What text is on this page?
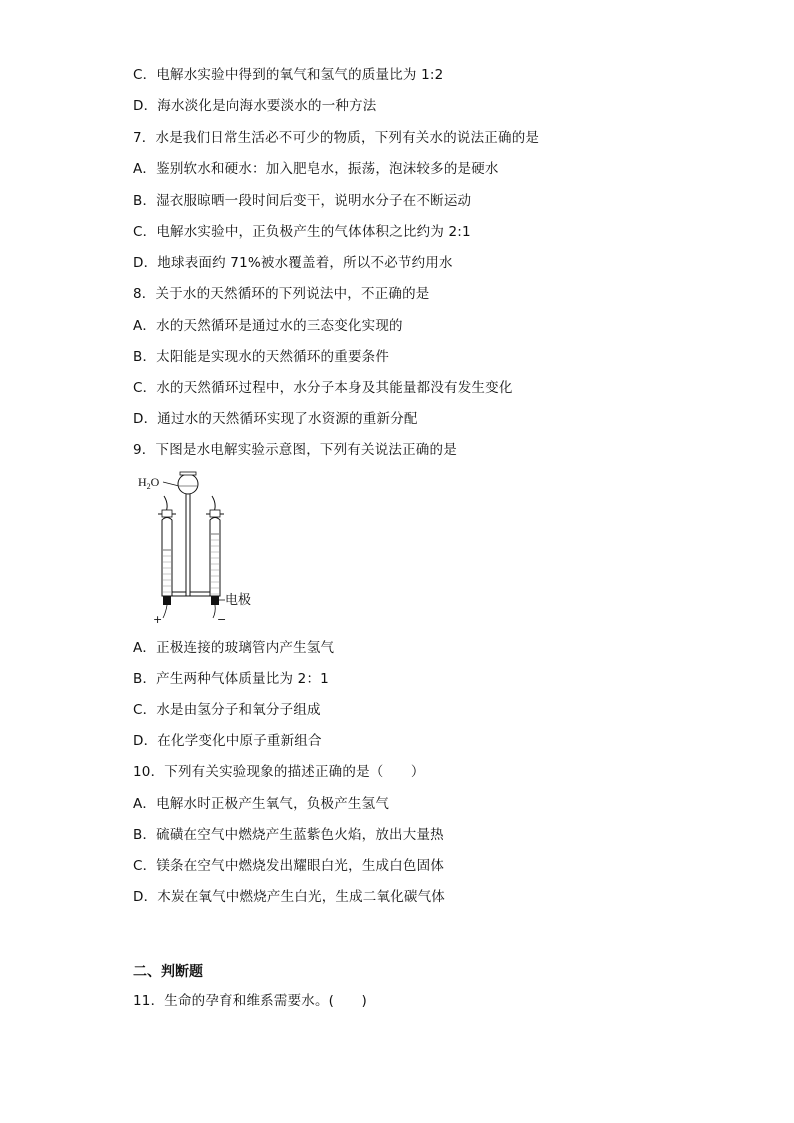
C．电解水实验中得到的氧气和氢气的质量比为 1:2
D．海水淡化是向海水要淡水的一种方法
7．水是我们日常生活必不可少的物质，下列有关水的说法正确的是
A．鉴别软水和硬水：加入肥皂水，振荡，泡沫较多的是硬水
B．湿衣服晾晒一段时间后变干，说明水分子在不断运动
C．电解水实验中，正负极产生的气体体积之比约为 2:1
D．地球表面约 71%被水覆盖着，所以不必节约用水
8．关于水的天然循环的下列说法中，不正确的是
A．水的天然循环是通过水的三态变化实现的
B．太阳能是实现水的天然循环的重要条件
C．水的天然循环过程中，水分子本身及其能量都没有发生变化
D．通过水的天然循环实现了水资源的重新分配
9．下图是水电解实验示意图，下列有关说法正确的是
$H_2O$
电极
+	−
A．正极连接的玻璃管内产生氢气
B．产生两种气体质量比为 2：1
C．水是由氢分子和氧分子组成
D．在化学变化中原子重新组合
10．下列有关实验现象的描述正确的是（　　）
A．电解水时正极产生氧气，负极产生氢气
B．硫磺在空气中燃烧产生蓝紫色火焰，放出大量热
C．镁条在空气中燃烧发出耀眼白光，生成白色固体
D．木炭在氧气中燃烧产生白光，生成二氧化碳气体
二、判断题
11．生命的孕育和维系需要水。(　　)
